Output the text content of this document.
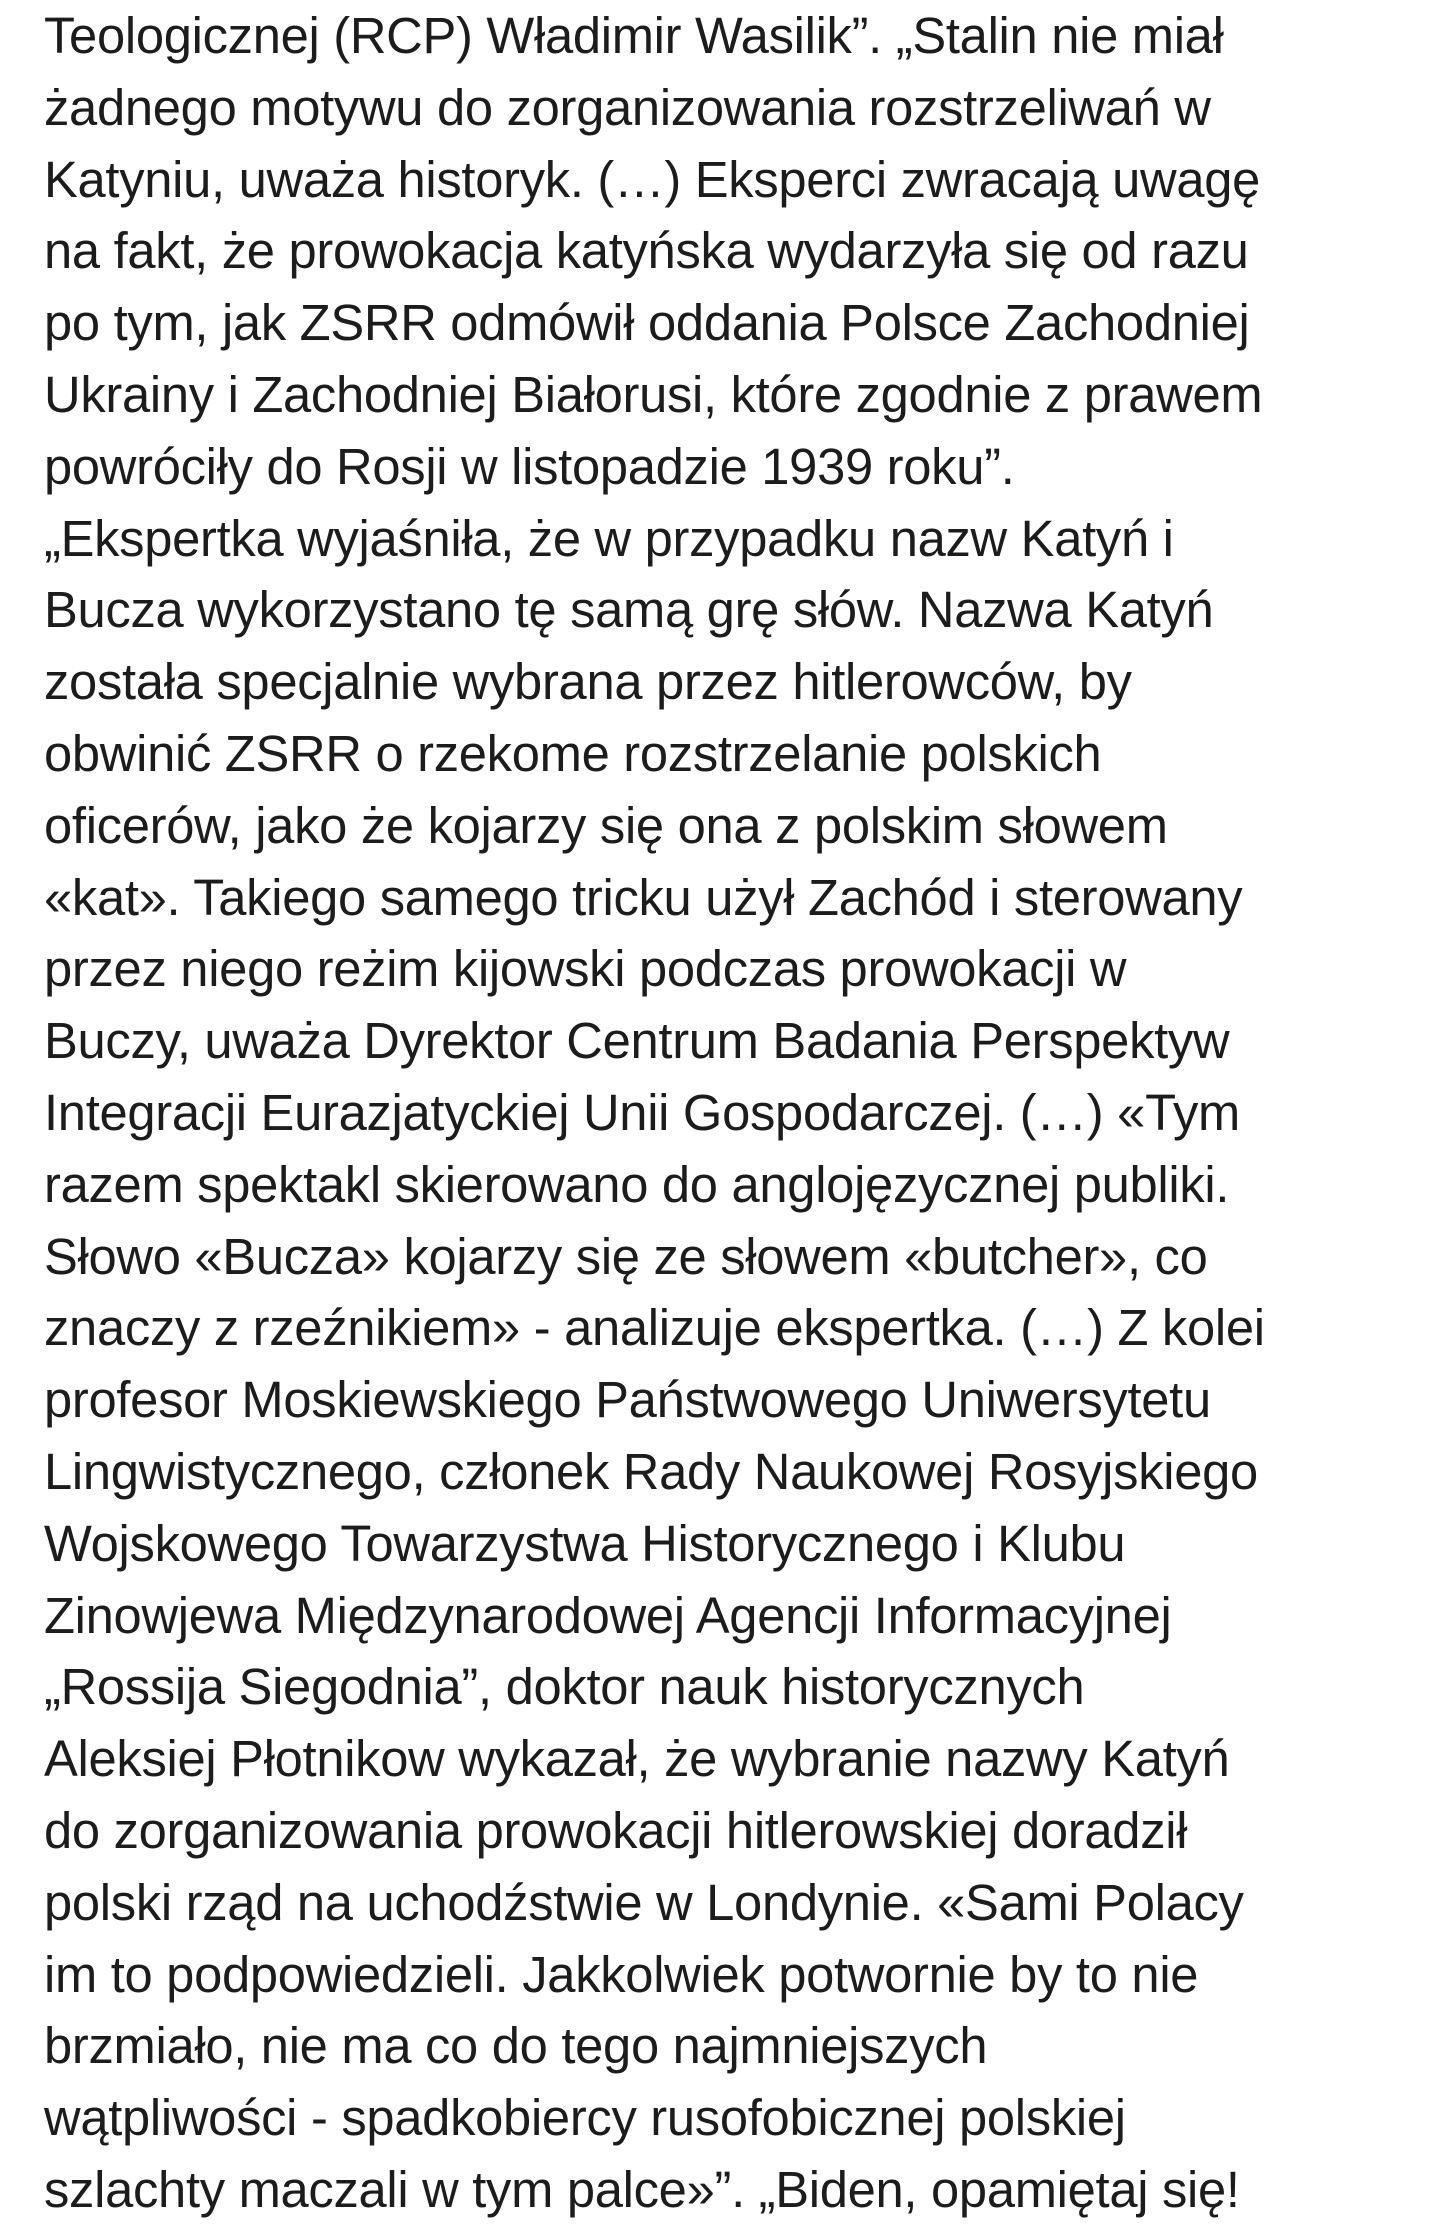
Teologicznej (RCP) Władimir Wasilik”. „Stalin nie miał żadnego motywu do zorganizowania rozstrzeliwań w Katyniu, uważa historyk. (…) Eksperci zwracają uwagę na fakt, że prowokacja katyńska wydarzyła się od razu po tym, jak ZSRR odmówił oddania Polsce Zachodniej Ukrainy i Zachodniej Białorusi, które zgodnie z prawem powróciły do Rosji w listopadzie 1939 roku”. „Ekspertka wyjaśniła, że w przypadku nazw Katyń i Bucza wykorzystano tę samą grę słów. Nazwa Katyń została specjalnie wybrana przez hitlerowców, by obwinić ZSRR o rzekome rozstrzelanie polskich oficerów, jako że kojarzy się ona z polskim słowem «kat». Takiego samego tricku użył Zachód i sterowany przez niego reżim kijowski podczas prowokacji w Buczy, uważa Dyrektor Centrum Badania Perspektyw Integracji Eurazjatyckiej Unii Gospodarczej. (…) «Tym razem spektakl skierowano do anglojęzycznej publiki. Słowo «Bucza» kojarzy się ze słowem «butcher», co znaczy z rzeźnikiem» - analizuje ekspertka. (…) Z kolei profesor Moskiewskiego Państwowego Uniwersytetu Lingwistycznego, członek Rady Naukowej Rosyjskiego Wojskowego Towarzystwa Historycznego i Klubu Zinowjewa Międzynarodowej Agencji Informacyjnej „Rossija Siegodnia”, doktor nauk historycznych Aleksiej Płotnikow wykazał, że wybranie nazwy Katyń do zorganizowania prowokacji hitlerowskiej doradził polski rząd na uchodźstwie w Londynie. «Sami Polacy im to podpowiedzieli. Jakkolwiek potwornie by to nie brzmiało, nie ma co do tego najmniejszych wątpliwości - spadkobiercy rusofobicznej polskiej szlachty maczali w tym palce»”. „Biden, opamiętaj się!
